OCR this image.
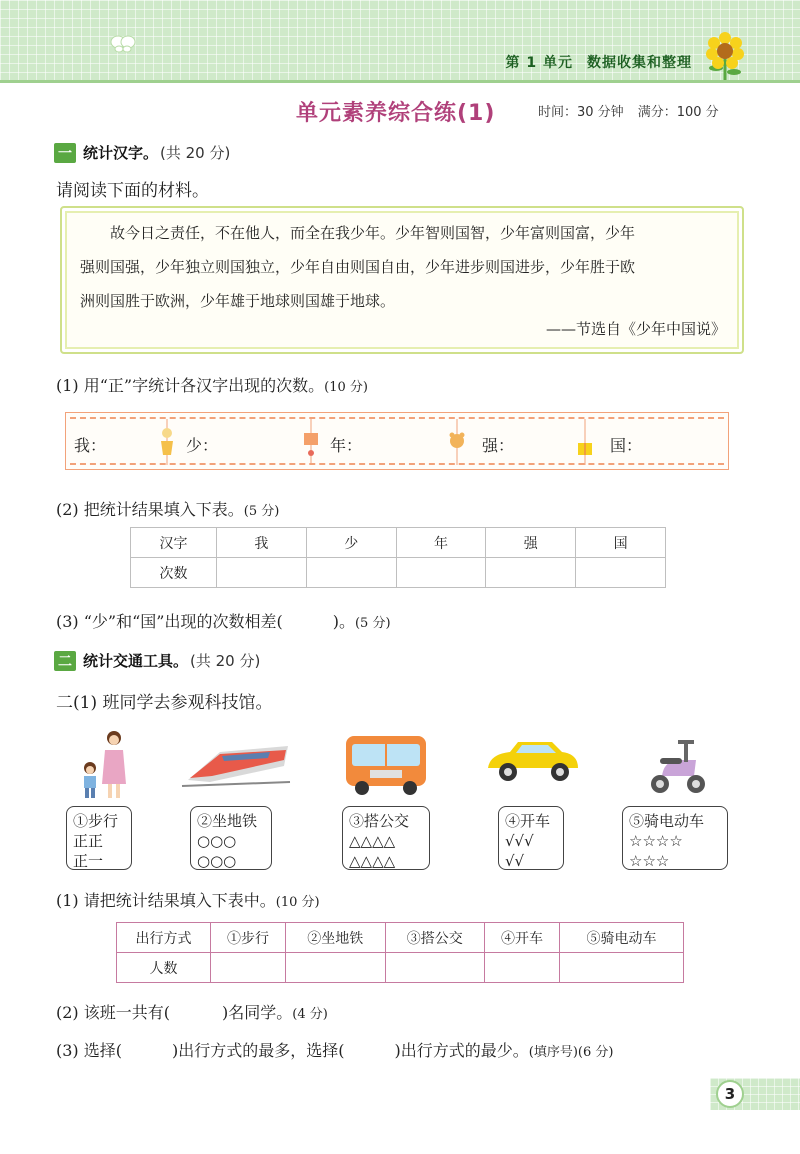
第 1 单元 数据收集和整理
单元素养综合练(1)	时间：30 分钟 满分：100 分
一 统计汉字。 (共 20 分)
请阅读下面的材料。

故今日之责任，不在他人，而全在我少年。少年智则国智，少年富则国富，少年

强则国强，少年独立则国独立，少年自由则国自由，少年进步则国进步，少年胜于欧

洲则国胜于欧洲，少年雄于地球则国雄于地球。

——节选自《少年中国说》
(1) 用“正”字统计各汉字出现的次数。(10 分)
我：	少：	年：	强：	国：
(2) 把统计结果填入下表。(5 分)
汉字	我	少	年	强	国
次数					
(3) “少”和“国”出现的次数相差(	)。(5 分)
二 统计交通工具。 (共 20 分)
二(1) 班同学去参观科技馆。
①步行
正正
正一
②坐地铁
○○○
○○○
③搭公交
△△△△
△△△△
④开车
√√√
√√
⑤骑电动车
☆☆☆☆
☆☆☆
(1) 请把统计结果填入下表中。(10 分)
出行方式	①步行	②坐地铁	③搭公交	④开车	⑤骑电动车
人数					
(2) 该班一共有(	)名同学。(4 分)
(3) 选择(	)出行方式的最多，选择(	)出行方式的最少。(填序号)(6 分)
3
